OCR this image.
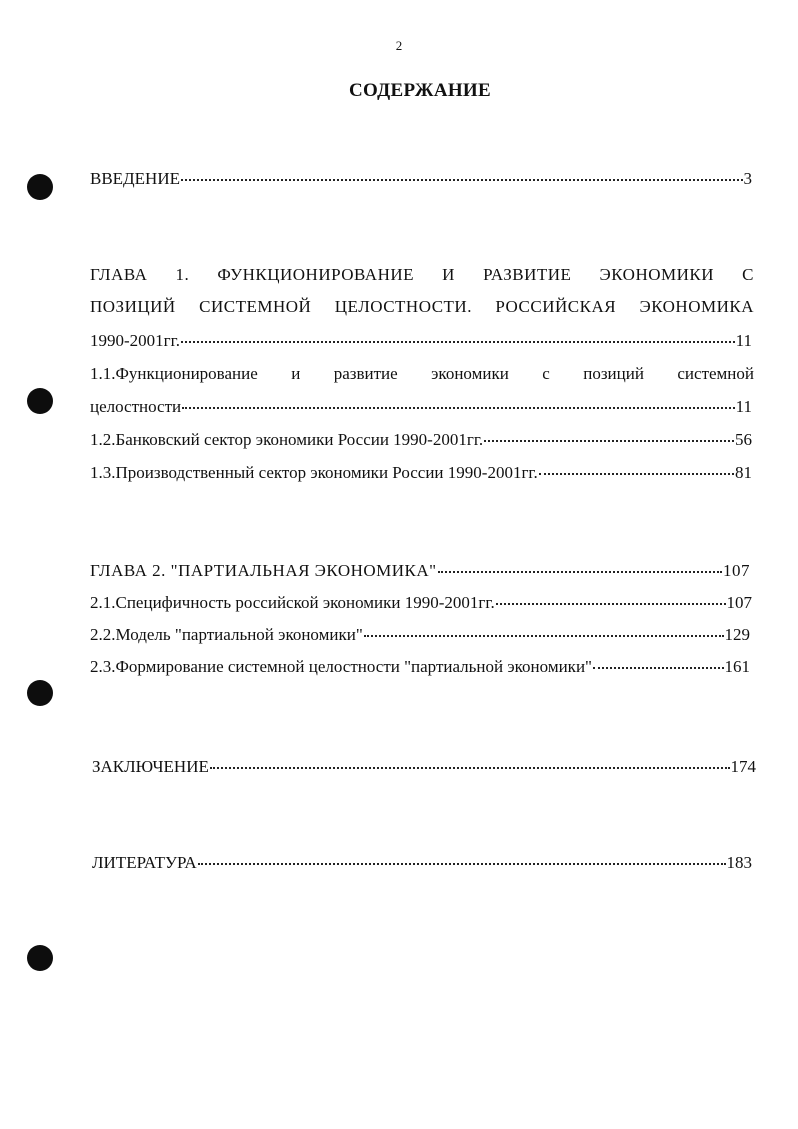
2
СОДЕРЖАНИЕ
ВВЕДЕНИЕ	3
ГЛАВА 1. ФУНКЦИОНИРОВАНИЕ И РАЗВИТИЕ ЭКОНОМИКИ С
ПОЗИЦИЙ СИСТЕМНОЙ ЦЕЛОСТНОСТИ. РОССИЙСКАЯ ЭКОНОМИКА
1990-2001гг.	11
1.1.Функционирование и развитие экономики с позиций системной
целостности	11
1.2.Банковский сектор экономики России 1990-2001гг.	56
1.3.Производственный сектор экономики России 1990-2001гг.	81
ГЛАВА 2. "ПАРТИАЛЬНАЯ ЭКОНОМИКА"	107
2.1.Специфичность российской экономики 1990-2001гг.	107
2.2.Модель "партиальной экономики"	129
2.3.Формирование системной целостности "партиальной экономики"	161
ЗАКЛЮЧЕНИЕ	174
ЛИТЕРАТУРА	183
